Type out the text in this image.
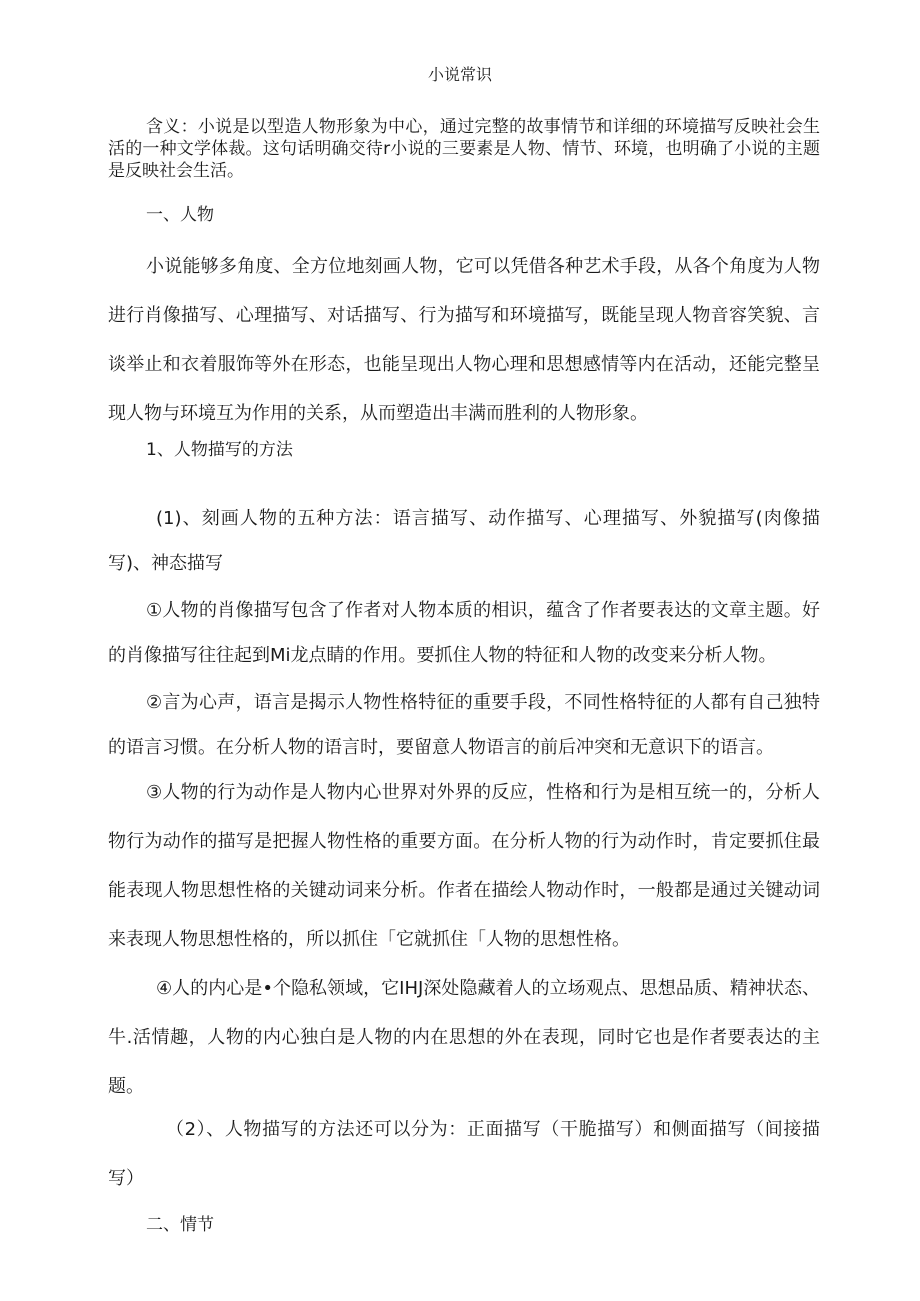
小说常识

含义：小说是以型造人物形象为中心，通过完整的故事情节和详细的环境描写反映社会生活的一种文学体裁。这句话明确交待r小说的三要素是人物、情节、环境，也明确了小说的主题是反映社会生活。

一、人物

小说能够多角度、全方位地刻画人物，它可以凭借各种艺术手段，从各个角度为人物进行肖像描写、心理描写、对话描写、行为描写和环境描写，既能呈现人物音容笑貌、言谈举止和衣着服饰等外在形态，也能呈现出人物心理和思想感情等内在活动，还能完整呈现人物与环境互为作用的关系，从而塑造出丰满而胜利的人物形象。

1、人物描写的方法

(1)、刻画人物的五种方法：语言描写、动作描写、心理描写、外貌描写(肉像描写)、神态描写

①人物的肖像描写包含了作者对人物本质的相识，蕴含了作者要表达的文章主题。好的肖像描写往往起到Mi龙点睛的作用。要抓住人物的特征和人物的改变来分析人物。

②言为心声，语言是揭示人物性格特征的重要手段，不同性格特征的人都有自己独特的语言习惯。在分析人物的语言时，要留意人物语言的前后冲突和无意识下的语言。

③人物的行为动作是人物内心世界对外界的反应，性格和行为是相互统一的，分析人物行为动作的描写是把握人物性格的重要方面。在分析人物的行为动作时，肯定要抓住最能表现人物思想性格的关键动词来分析。作者在描绘人物动作时，一般都是通过关键动词来表现人物思想性格的，所以抓住「它就抓住「人物的思想性格。

④人的内心是•个隐私领域，它IHJ深处隐藏着人的立场观点、思想品质、精神状态、牛.活情趣，人物的内心独白是人物的内在思想的外在表现，同时它也是作者要表达的主题。

（2）、人物描写的方法还可以分为：正面描写（干脆描写）和侧面描写（间接描写）

二、情节
